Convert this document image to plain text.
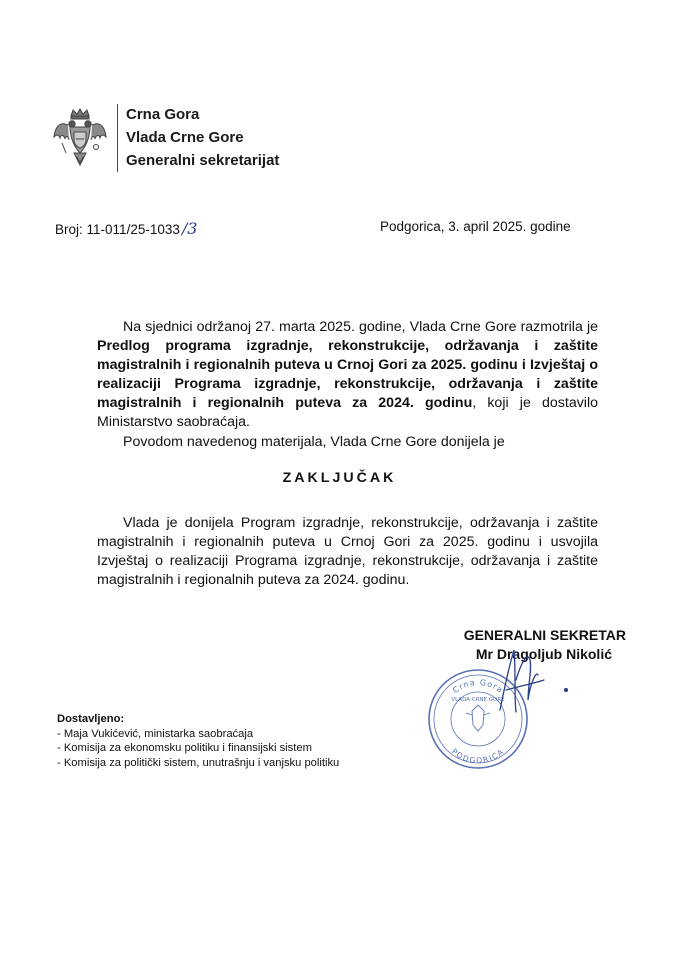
Crna Gora
Vlada Crne Gore
Generalni sekretarijat
Broj: 11-011/25-1033 /3	Podgorica, 3. april 2025. godine
Na sjednici održanoj 27. marta 2025. godine, Vlada Crne Gore razmotrila je Predlog programa izgradnje, rekonstrukcije, održavanja i zaštite magistralnih i regionalnih puteva u Crnoj Gori za 2025. godinu i Izvještaj o realizaciji Programa izgradnje, rekonstrukcije, održavanja i zaštite magistralnih i regionalnih puteva za 2024. godinu, koji je dostavilo Ministarstvo saobraćaja.
Povodom navedenog materijala, Vlada Crne Gore donijela je
ZAKLJUČAK
Vlada je donijela Program izgradnje, rekonstrukcije, održavanja i zaštite magistralnih i regionalnih puteva u Crnoj Gori za 2025. godinu i usvojila Izvještaj o realizaciji Programa izgradnje, rekonstrukcije, održavanja i zaštite magistralnih i regionalnih puteva za 2024. godinu.
GENERALNI SEKRETAR
Mr Dragoljub Nikolić
Crna Gora
PODGORICA
VLADA CRNE GORE
Dostavljeno:
- Maja Vukićević, ministarka saobraćaja
- Komisija za ekonomsku politiku i finansijski sistem
- Komisija za politički sistem, unutrašnju i vanjsku politiku
